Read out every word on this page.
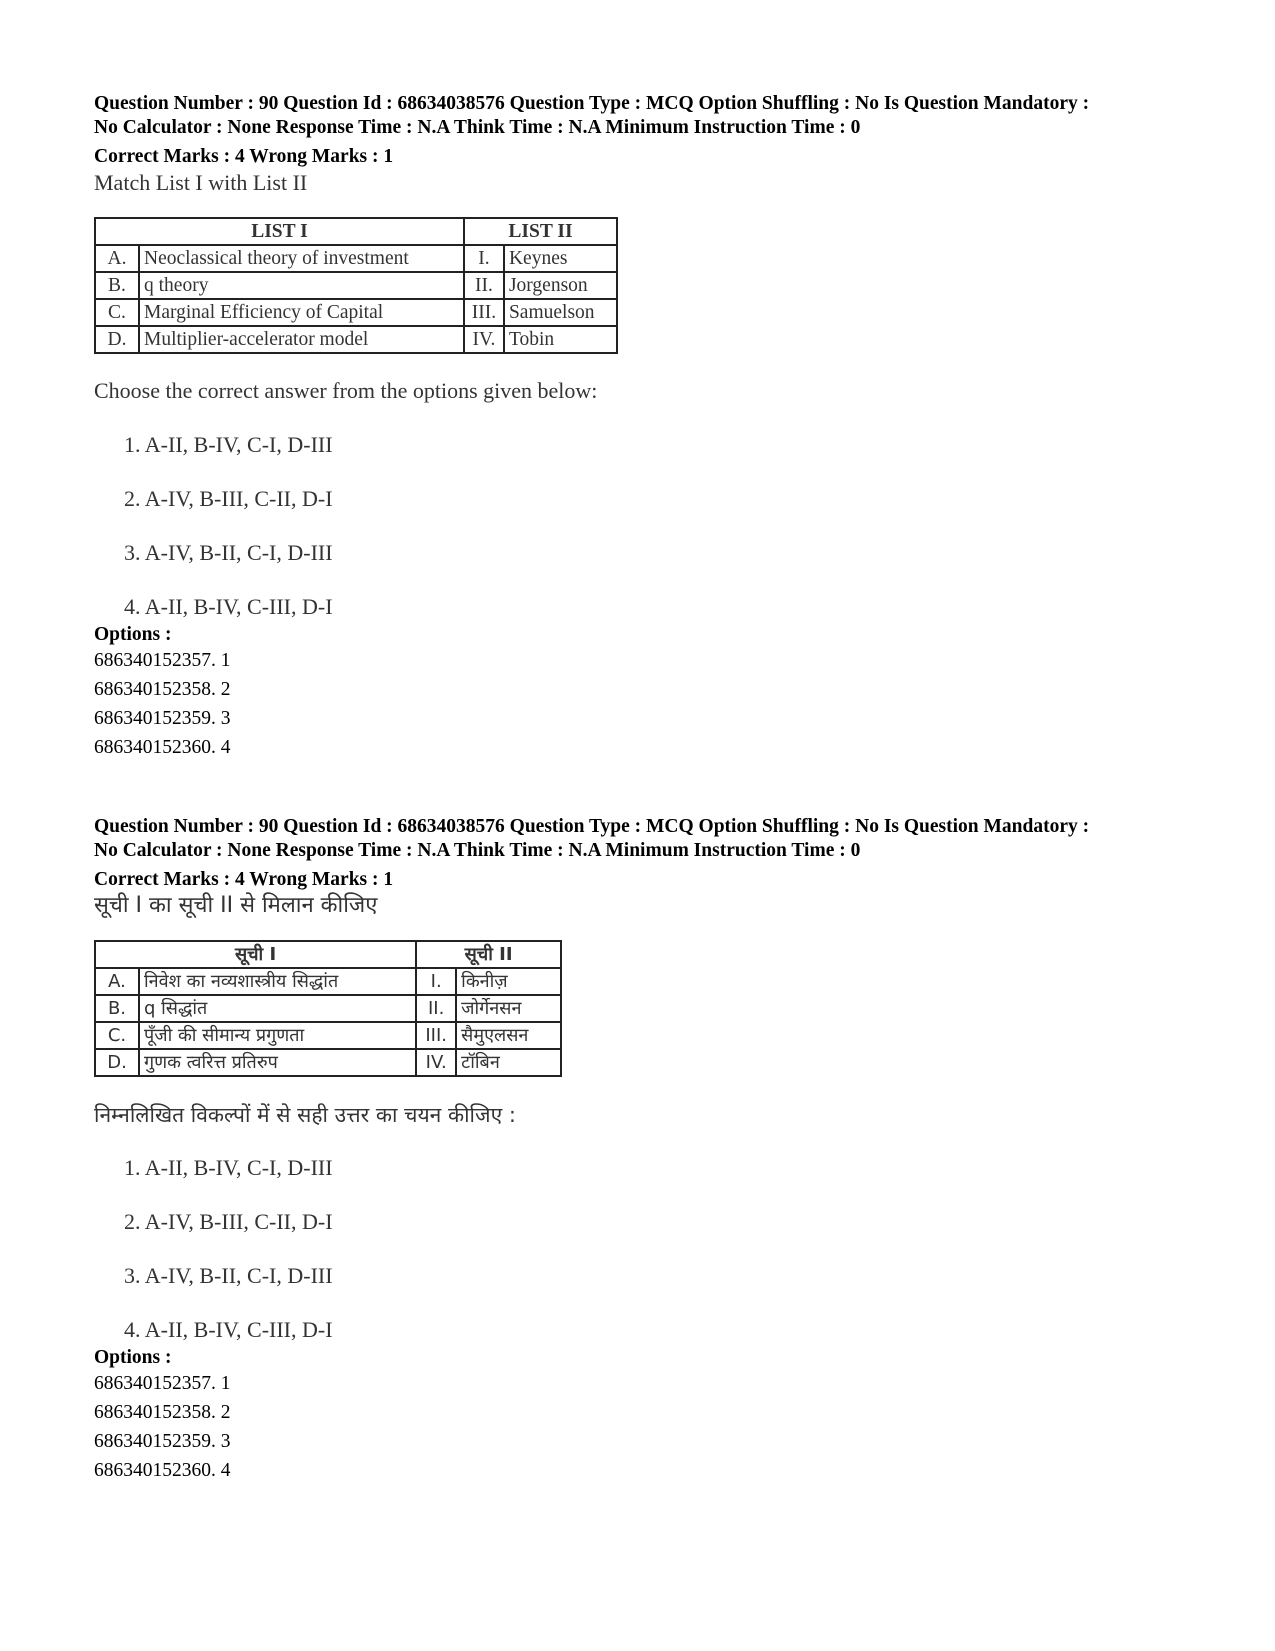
Question Number : 90 Question Id : 68634038576 Question Type : MCQ Option Shuffling : No Is Question Mandatory :

No Calculator : None Response Time : N.A Think Time : N.A Minimum Instruction Time : 0

Correct Marks : 4 Wrong Marks : 1

Match List I with List II

LIST I		LIST II	
A.	Neoclassical theory of investment	I.	Keynes
B.	q theory	II.	Jorgenson
C.	Marginal Efficiency of Capital	III.	Samuelson
D.	Multiplier-accelerator model	IV.	Tobin

Choose the correct answer from the options given below:

1. A-II, B-IV, C-I, D-III

2. A-IV, B-III, C-II, D-I

3. A-IV, B-II, C-I, D-III

4. A-II, B-IV, C-III, D-I

Options :

686340152357. 1

686340152358. 2

686340152359. 3

686340152360. 4

Question Number : 90 Question Id : 68634038576 Question Type : MCQ Option Shuffling : No Is Question Mandatory :

No Calculator : None Response Time : N.A Think Time : N.A Minimum Instruction Time : 0

Correct Marks : 4 Wrong Marks : 1

सूची I का सूची II से मिलान कीजिए

सूची I		सूची II	
A.	निवेश का नव्यशास्त्रीय सिद्धांत	I.	किनीज़
B.	q सिद्धांत	II.	जोर्गेनसन
C.	पूँजी की सीमान्य प्रगुणता	III.	सैमुएलसन
D.	गुणक त्वरित्त प्रतिरुप	IV.	टॉबिन

निम्नलिखित विकल्पों में से सही उत्तर का चयन कीजिए :

1. A-II, B-IV, C-I, D-III

2. A-IV, B-III, C-II, D-I

3. A-IV, B-II, C-I, D-III

4. A-II, B-IV, C-III, D-I

Options :

686340152357. 1

686340152358. 2

686340152359. 3

686340152360. 4
